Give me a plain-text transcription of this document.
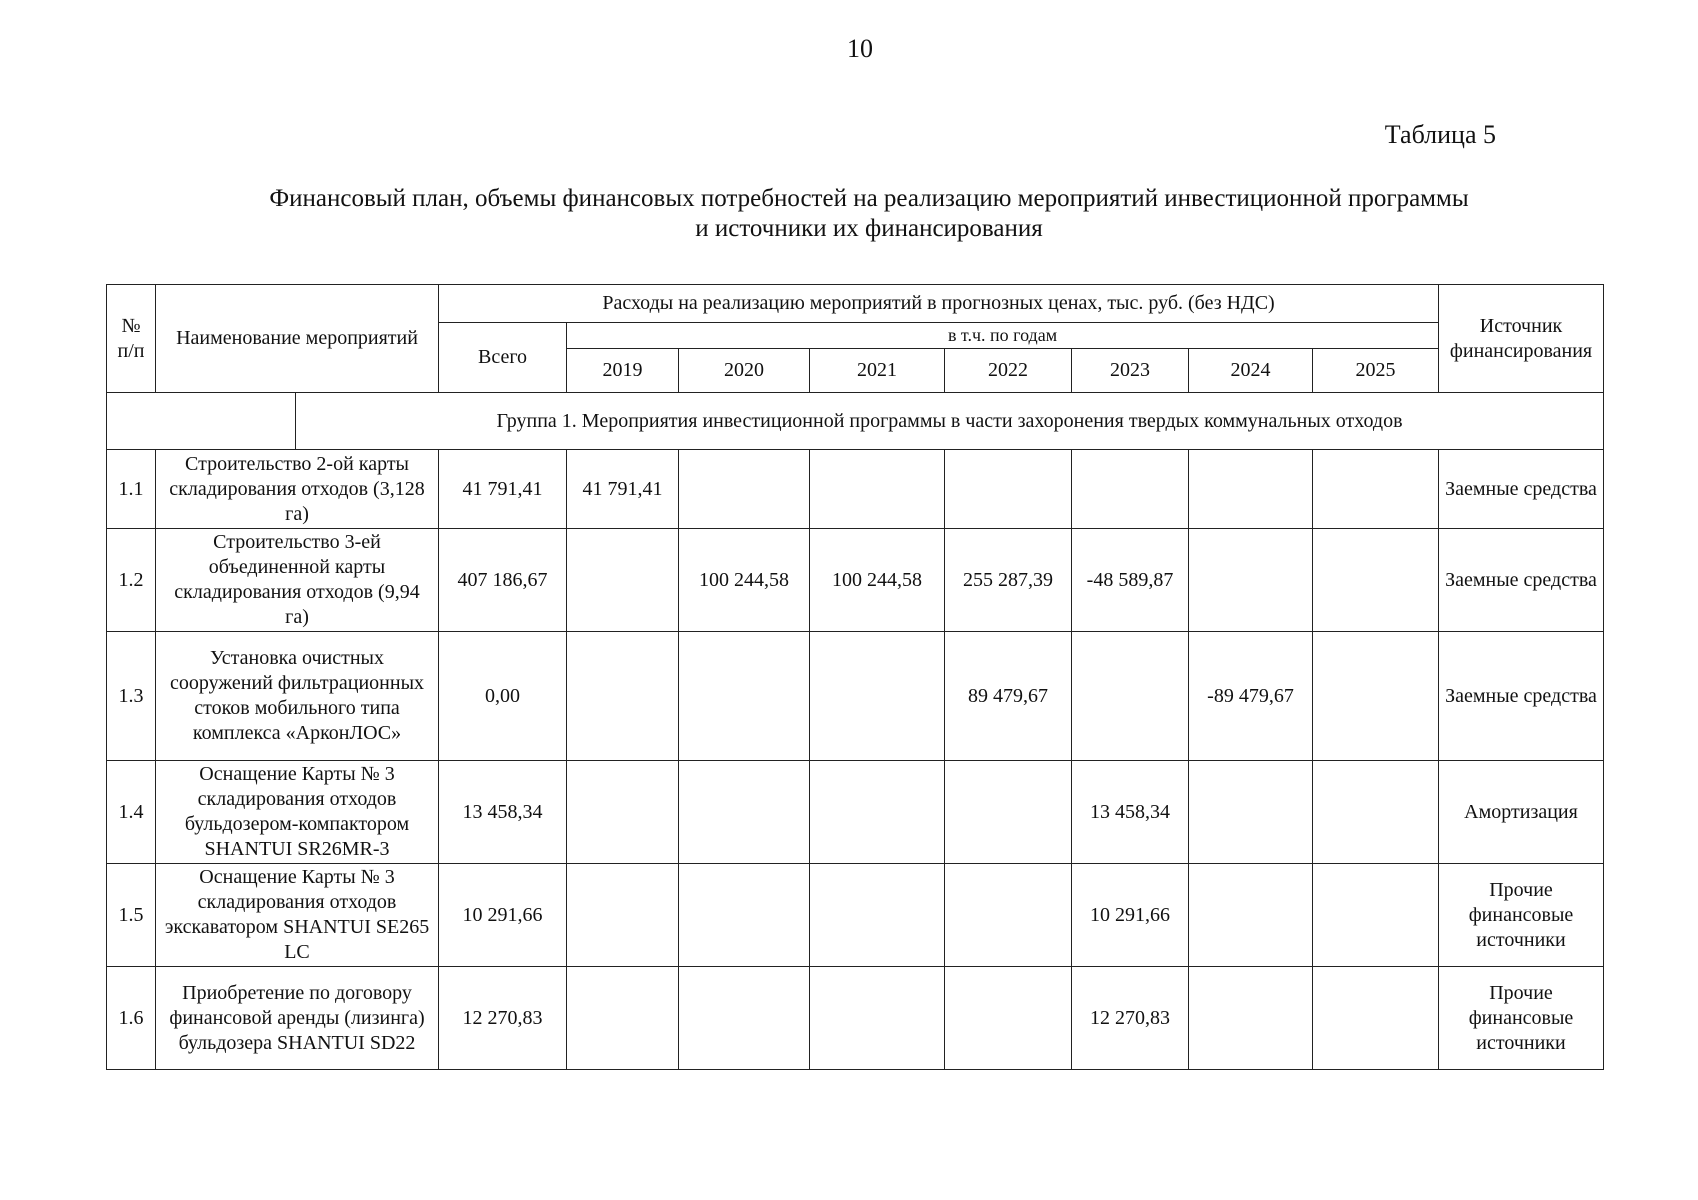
10
Таблица 5
Финансовый план, объемы финансовых потребностей на реализацию мероприятий инвестиционной программы
и источники их финансирования
№
п/п	Наименование мероприятий		Расходы на реализацию мероприятий в прогнозных ценах, тыс. руб. (без НДС)								Источник финансирования
			Всего	в т.ч. по годам							
				2019	2020	2021	2022	2023	2024	2025	
		Группа 1. Мероприятия инвестиционной программы в части захоронения твердых коммунальных отходов									
1.1	Строительство 2-ой карты складирования отходов (3,128 га)		41 791,41	41 791,41							Заемные средства
1.2	Строительство 3-ей объединенной карты складирования отходов (9,94 га)		407 186,67		100 244,58	100 244,58	255 287,39	-48 589,87			Заемные средства
1.3	Установка очистных сооружений фильтрационных стоков мобильного типа комплекса «АрконЛОС»		0,00				89 479,67		-89 479,67		Заемные средства
1.4	Оснащение Карты № 3 складирования отходов бульдозером-компактором SHANTUI SR26MR-3		13 458,34					13 458,34			Амортизация
1.5	Оснащение Карты № 3 складирования отходов экскаватором SHANTUI SE265 LC		10 291,66					10 291,66			Прочие финансовые источники
1.6	Приобретение по договору финансовой аренды (лизинга) бульдозера SHANTUI SD22		12 270,83					12 270,83			Прочие финансовые источники
